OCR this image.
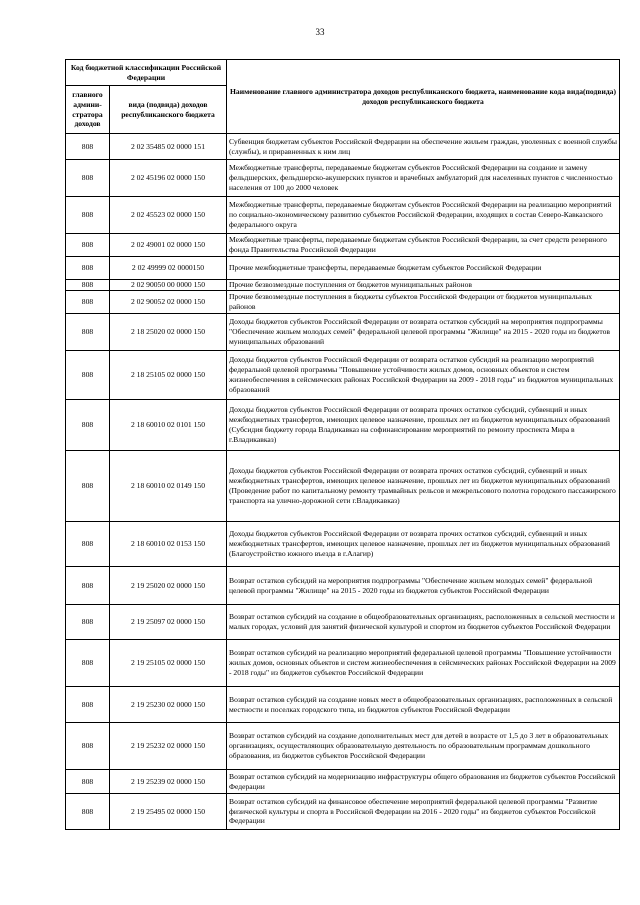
33
Код бюджетной классификации Российской Федерации		Наименование главного администратора доходов республиканского бюджета, наименование кода вида(подвида) доходов республиканского бюджета
главного админи-стратора доходов	вида (подвида) доходов республиканского бюджета	
808	2 02 35485 02 0000 151	Субвенция бюджетам субъектов Российской Федерации на обеспечение жильем граждан, уволенных с военной службы (службы), и приравненных к ним лиц
808	2 02 45196 02 0000 150	Межбюджетные трансферты, передаваемые бюджетам субъектов Российской Федерации на создание и замену фельдшерских, фельдшерско-акушерских пунктов и врачебных амбулаторий для населенных пунктов с численностью населения от 100 до 2000 человек
808	2 02 45523 02 0000 150	Межбюджетные трансферты, передаваемые бюджетам субъектов Российской Федерации на реализацию мероприятий по социально-экономическому развитию субъектов Российской Федерации, входящих в состав Северо-Кавказского федерального округа
808	2 02 49001 02 0000 150	Межбюджетные трансферты, передаваемые бюджетам субъектов Российской Федерации, за счет средств резервного фонда Правительства Российской Федерации
808	2 02 49999 02 0000150	Прочие межбюджетные трансферты, передаваемые бюджетам субъектов Российской Федерации
808	2 02 90050 00 0000 150	Прочие безвозмездные поступления от бюджетов муниципальных районов
808	2 02 90052 02 0000 150	Прочие безвозмездные поступления в бюджеты субъектов Российской Федерации от бюджетов муниципальных районов
808	2 18 25020 02 0000 150	Доходы бюджетов субъектов Российской Федерации от возврата остатков субсидий на мероприятия подпрограммы "Обеспечение жильем молодых семей" федеральной целевой программы "Жилище" на 2015 - 2020 годы из бюджетов муниципальных образований
808	2 18 25105 02 0000 150	Доходы бюджетов субъектов Российской Федерации от возврата остатков субсидий на реализацию мероприятий федеральной целевой программы "Повышение устойчивости жилых домов, основных объектов и систем жизнеобеспечения в сейсмических районах Российской Федерации на 2009 - 2018 годы" из бюджетов муниципальных образований
808	2 18 60010 02 0101 150	Доходы бюджетов субъектов Российской Федерации от возврата прочих остатков субсидий, субвенций и иных межбюджетных трансфертов, имеющих целевое назначение, прошлых лет из бюджетов муниципальных образований (Субсидия бюджету города Владикавказ на софинансирование мероприятий по ремонту проспекта Мира в г.Владикавказ)
808	2 18 60010 02 0149 150	Доходы бюджетов субъектов Российской Федерации от возврата прочих остатков субсидий, субвенций и иных межбюджетных трансфертов, имеющих целевое назначение, прошлых лет из бюджетов муниципальных образований (Проведение работ по капитальному ремонту трамвайных рельсов и межрельсового полотна городского пассажирского транспорта на улично-дорожной сети г.Владикавказ)
808	2 18 60010 02 0153 150	Доходы бюджетов субъектов Российской Федерации от возврата прочих остатков субсидий, субвенций и иных межбюджетных трансфертов, имеющих целевое назначение, прошлых лет из бюджетов муниципальных образований (Благоустройство южного въезда в г.Алагир)
808	2 19 25020 02 0000 150	Возврат остатков субсидий на мероприятия подпрограммы "Обеспечение жильем молодых семей" федеральной целевой программы "Жилище" на 2015 - 2020 годы из бюджетов субъектов Российской Федерации
808	2 19 25097 02 0000 150	Возврат остатков субсидий на создание в общеобразовательных организациях, расположенных в сельской местности и малых городах, условий для занятий физической культурой и спортом из бюджетов субъектов Российской Федерации
808	2 19 25105 02 0000 150	Возврат остатков субсидий на реализацию мероприятий федеральной целевой программы "Повышение устойчивости жилых домов, основных объектов и систем жизнеобеспечения в сейсмических районах Российской Федерации на 2009 - 2018 годы" из бюджетов субъектов Российской Федерации
808	2 19 25230 02 0000 150	Возврат остатков субсидий на создание новых мест в общеобразовательных организациях, расположенных в сельской местности и поселках городского типа, из бюджетов субъектов Российской Федерации
808	2 19 25232 02 0000 150	Возврат остатков субсидий на создание дополнительных мест для детей в возрасте от 1,5 до 3 лет в образовательных организациях, осуществляющих образовательную деятельность по образовательным программам дошкольного образования, из бюджетов субъектов Российской Федерации
808	2 19 25239 02 0000 150	Возврат остатков субсидий на модернизацию инфраструктуры общего образования из бюджетов субъектов Российской Федерации
808	2 19 25495 02 0000 150	Возврат остатков субсидий на финансовое обеспечение мероприятий федеральной целевой программы "Развитие физической культуры и спорта в Российской Федерации на 2016 - 2020 годы" из бюджетов субъектов Российской Федерации
